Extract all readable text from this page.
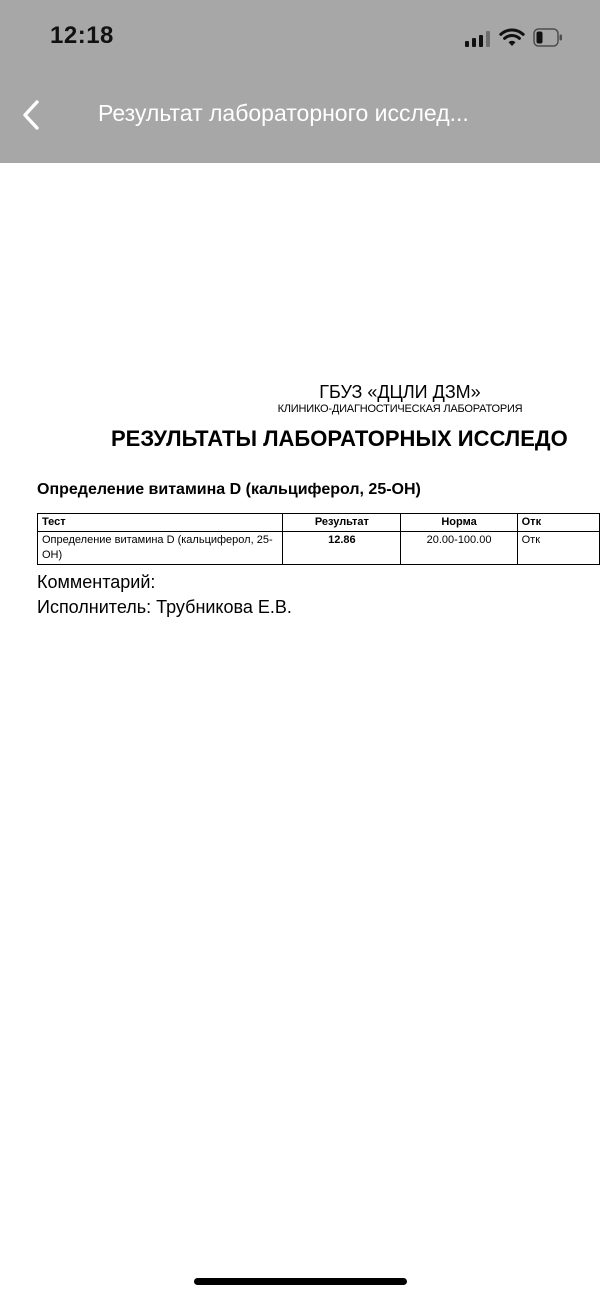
12:18
Результат лабораторного исслед...
ГБУЗ «ДЦЛИ ДЗМ»
КЛИНИКО-ДИАГНОСТИЧЕСКАЯ ЛАБОРАТОРИЯ
РЕЗУЛЬТАТЫ ЛАБОРАТОРНЫХ ИССЛЕДО
Определение витамина D (кальциферол, 25-OH)
Тест	Результат	Норма	Отк
Определение витамина D (кальциферол, 25-OH)	12.86	20.00-100.00	Отк
Комментарий:
Исполнитель: Трубникова Е.В.
